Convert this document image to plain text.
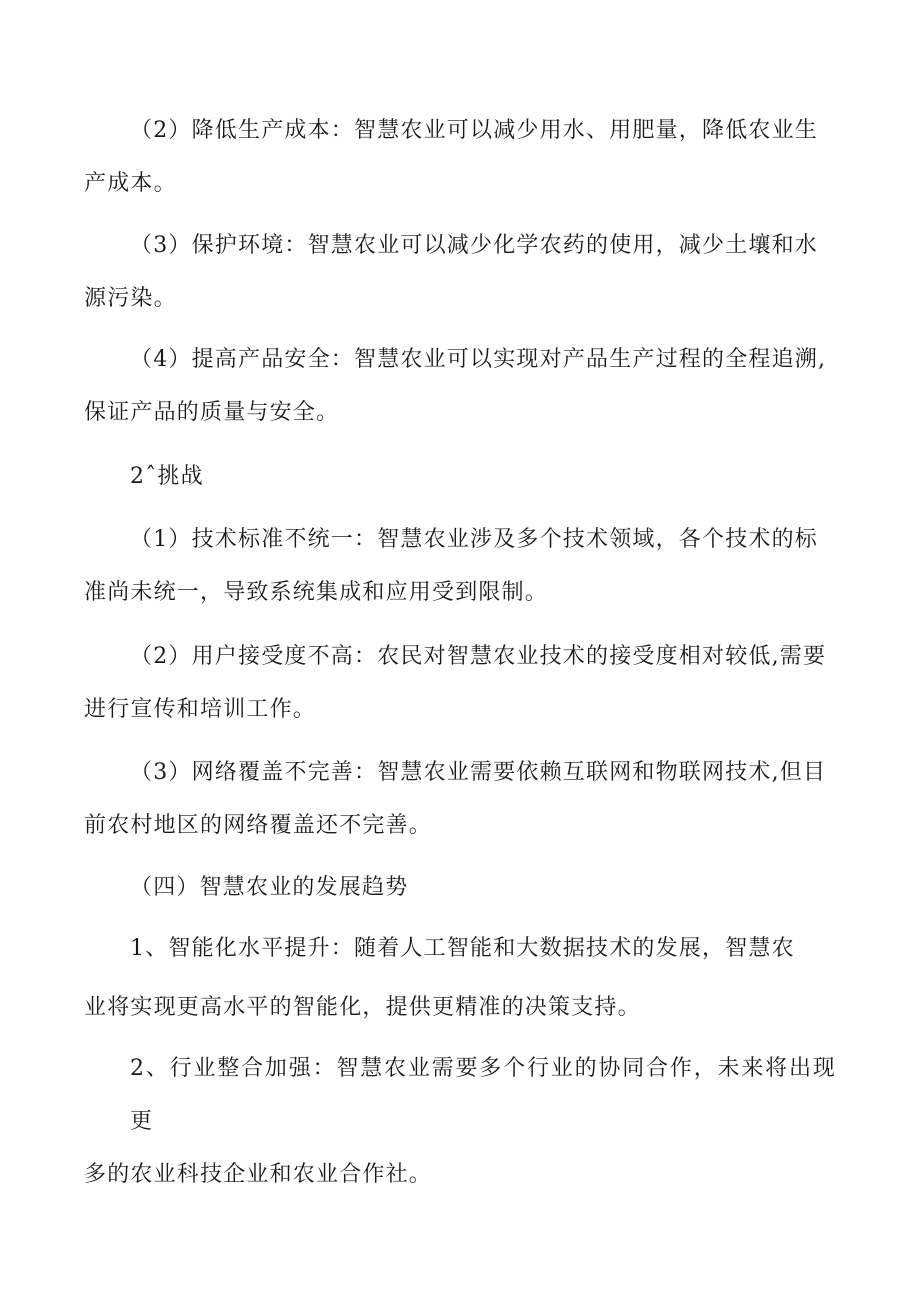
（2）降低生产成本：智慧农业可以减少用水、用肥量，降低农业生
产成本。
（3）保护环境：智慧农业可以减少化学农药的使用，减少土壤和水
源污染。
（4）提高产品安全：智慧农业可以实现对产品生产过程的全程追溯,
保证产品的质量与安全。
2ˆ挑战
（1）技术标准不统一：智慧农业涉及多个技术领域，各个技术的标
准尚未统一，导致系统集成和应用受到限制。
（2）用户接受度不高：农民对智慧农业技术的接受度相对较低,需要
进行宣传和培训工作。
（3）网络覆盖不完善：智慧农业需要依赖互联网和物联网技术,但目
前农村地区的网络覆盖还不完善。
（四）智慧农业的发展趋势
1、智能化水平提升：随着人工智能和大数据技术的发展，智慧农
业将实现更高水平的智能化，提供更精准的决策支持。
2、行业整合加强：智慧农业需要多个行业的协同合作，未来将出现更
多的农业科技企业和农业合作社。
